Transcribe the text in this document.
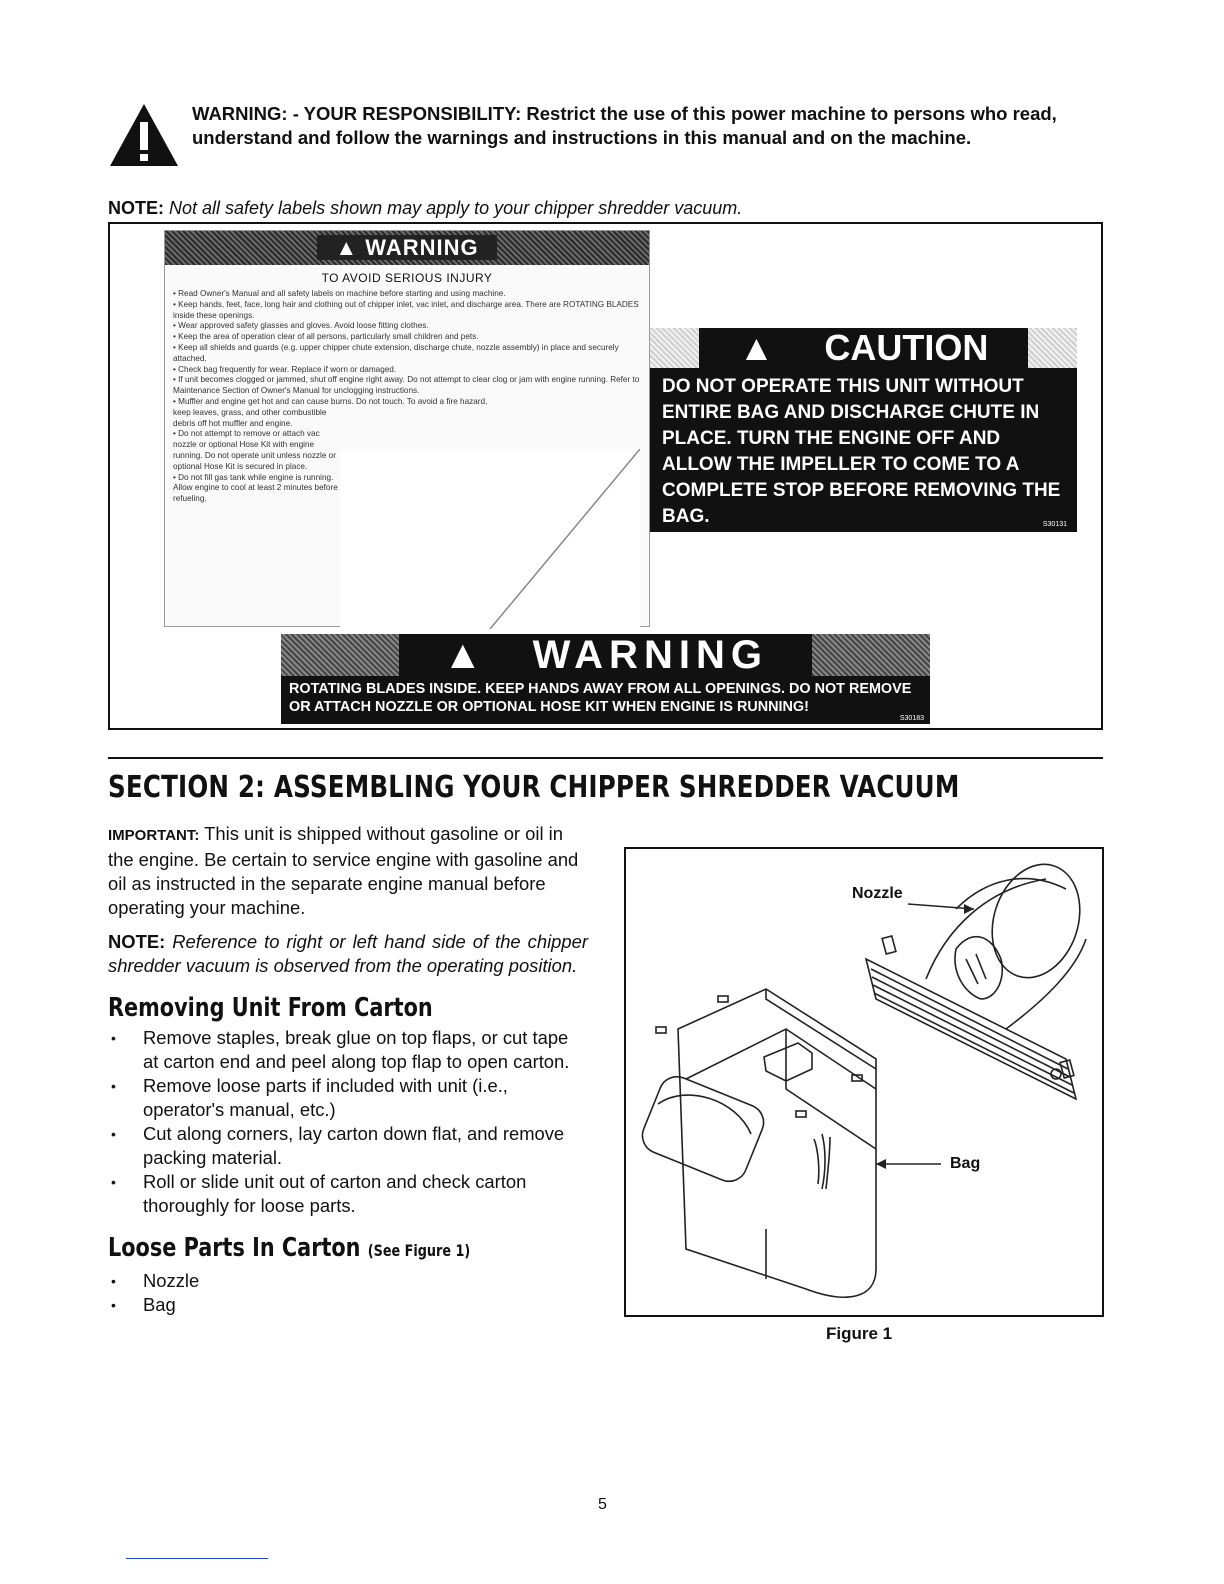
WARNING: - YOUR RESPONSIBILITY: Restrict the use of this power machine to persons who read, understand and follow the warnings and instructions in this manual and on the machine.
NOTE: Not all safety labels shown may apply to your chipper shredder vacuum.
▲ WARNING
TO AVOID SERIOUS INJURY
• Read Owner's Manual and all safety labels on machine before starting and using machine.
• Keep hands, feet, face, long hair and clothing out of chipper inlet, vac inlet, and discharge area. There are ROTATING BLADES inside these openings.
• Wear approved safety glasses and gloves. Avoid loose fitting clothes.
• Keep the area of operation clear of all persons, particularly small children and pets.
• Keep all shields and guards (e.g. upper chipper chute extension, discharge chute, nozzle assembly) in place and securely attached.
• Check bag frequently for wear. Replace if worn or damaged.
• If unit becomes clogged or jammed, shut off engine right away. Do not attempt to clear clog or jam with engine running. Refer to Maintenance Section of Owner's Manual for unclogging instructions.
• Muffler and engine get hot and can cause burns. Do not touch. To avoid a fire hazard,
keep leaves, grass, and other combustible debris off hot muffler and engine.
• Do not attempt to remove or attach vac nozzle or optional Hose Kit with engine running. Do not operate unit unless nozzle or optional Hose Kit is secured in place.
• Do not fill gas tank while engine is running. Allow engine to cool at least 2 minutes before refueling.
▲ CAUTION
DO NOT OPERATE THIS UNIT WITHOUT ENTIRE BAG AND DISCHARGE CHUTE IN PLACE. TURN THE ENGINE OFF AND ALLOW THE IMPELLER TO COME TO A COMPLETE STOP BEFORE REMOVING THE BAG.	S30131
▲ WARNING
ROTATING BLADES INSIDE. KEEP HANDS AWAY FROM ALL OPENINGS. DO NOT REMOVE OR ATTACH NOZZLE OR OPTIONAL HOSE KIT WHEN ENGINE IS RUNNING!
S30183
SECTION 2: ASSEMBLING YOUR CHIPPER SHREDDER VACUUM

IMPORTANT: This unit is shipped without gasoline or oil in the engine. Be certain to service engine with gasoline and oil as instructed in the separate engine manual before operating your machine.

NOTE: Reference to right or left hand side of the chipper shredder vacuum is observed from the operating position.

Removing Unit From Carton
• Remove staples, break glue on top flaps, or cut tape at carton end and peel along top flap to open carton.
• Remove loose parts if included with unit (i.e., operator's manual, etc.)
• Cut along corners, lay carton down flat, and remove packing material.
• Roll or slide unit out of carton and check carton thoroughly for loose parts.
Loose Parts In Carton (See Figure 1)
• Nozzle
• Bag
Nozzle
Bag
Figure 1
5
